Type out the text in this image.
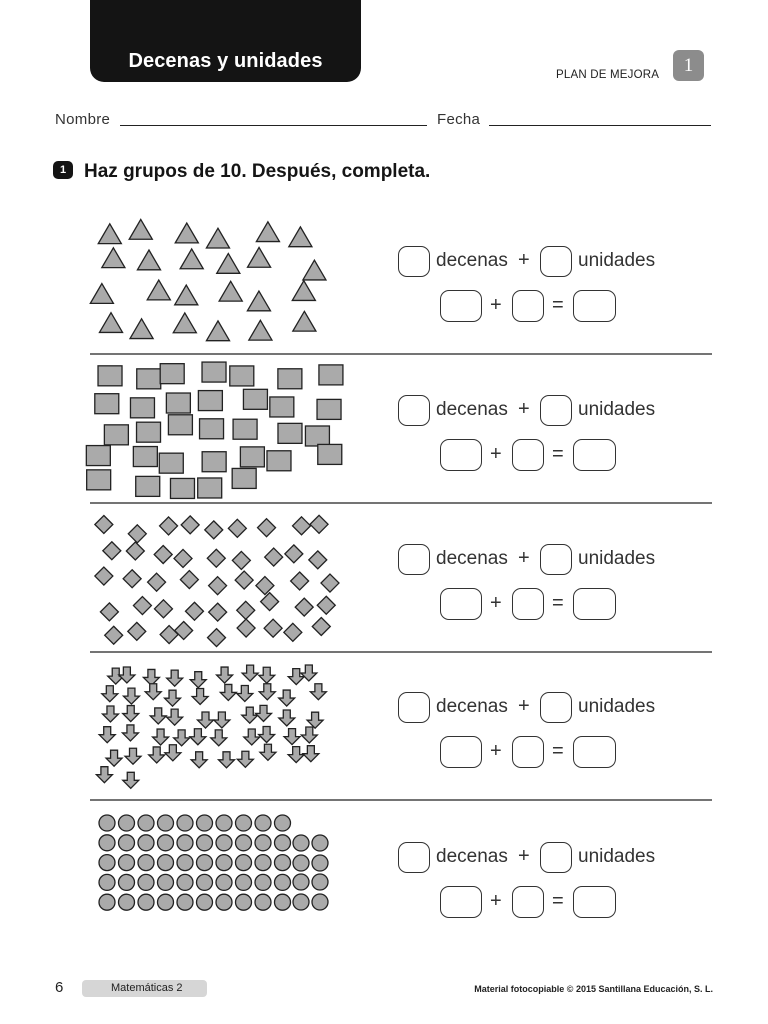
Decenas y unidades
PLAN DE MEJORA	1
Nombre	Fecha
1 Haz grupos de 10. Después, completa.
decenas +	unidades
+	=
decenas +	unidades
+	=
decenas +	unidades
+	=
decenas +	unidades
+	=
decenas +	unidades
+	=
6	Matemáticas 2	Material fotocopiable © 2015 Santillana Educación, S. L.
